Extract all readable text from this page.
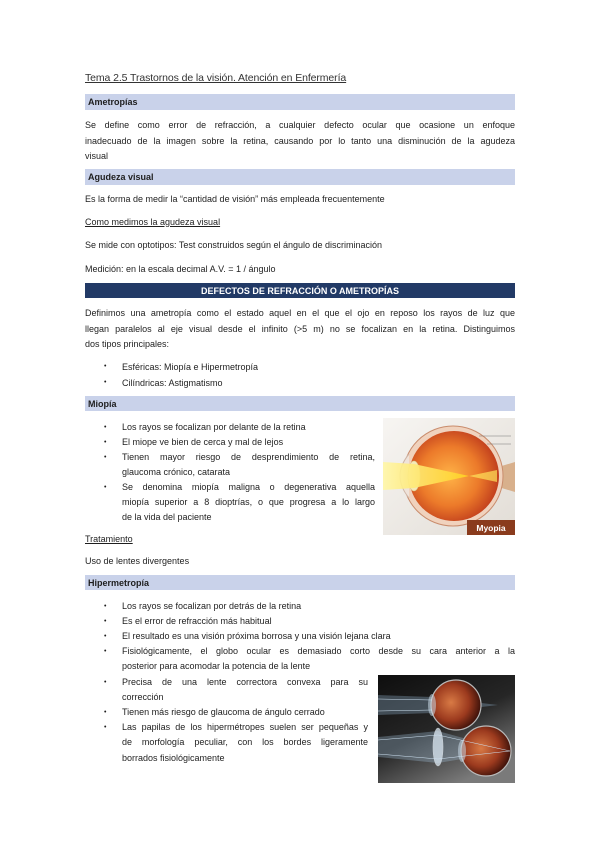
Tema 2.5 Trastornos de la visión. Atención en Enfermería
Ametropías
Se define como error de refracción, a cualquier defecto ocular que ocasione un enfoque
inadecuado de la imagen sobre la retina, causando por lo tanto una disminución de la agudeza
visual
Agudeza visual
Es la forma de medir la “cantidad de visión” más empleada frecuentemente
Como medimos la agudeza visual
Se mide con optotipos: Test construidos según el ángulo de discriminación
Medición: en la escala decimal A.V. = 1 / ángulo
DEFECTOS DE REFRACCIÓN O AMETROPÍAS
Definimos una ametropía como el estado aquel en el que el ojo en reposo los rayos de luz que
llegan paralelos al eje visual desde el infinito (>5 m) no se focalizan en la retina. Distinguimos
dos tipos principales:
• Esféricas: Miopía e Hipermetropía
• Cilíndricas: Astigmatismo
Miopía
• Los rayos se focalizan por delante de la retina
• El miope ve bien de cerca y mal de lejos
• Tienen mayor riesgo de desprendimiento de retina,
glaucoma crónico, catarata
• Se denomina miopía maligna o degenerativa aquella
miopía superior a 8 dioptrías, o que progresa a lo largo
de la vida del paciente
Myopia
Tratamiento
Uso de lentes divergentes
Hipermetropía
• Los rayos se focalizan por detrás de la retina
• Es el error de refracción más habitual
• El resultado es una visión próxima borrosa y una visión lejana clara
• Fisiológicamente, el globo ocular es demasiado corto desde su cara anterior a la
posterior para acomodar la potencia de la lente
• Precisa de una lente correctora convexa para su
corrección
• Tienen más riesgo de glaucoma de ángulo cerrado
• Las papilas de los hipermétropes suelen ser pequeñas y
de morfología peculiar, con los bordes ligeramente
borrados fisiológicamente
